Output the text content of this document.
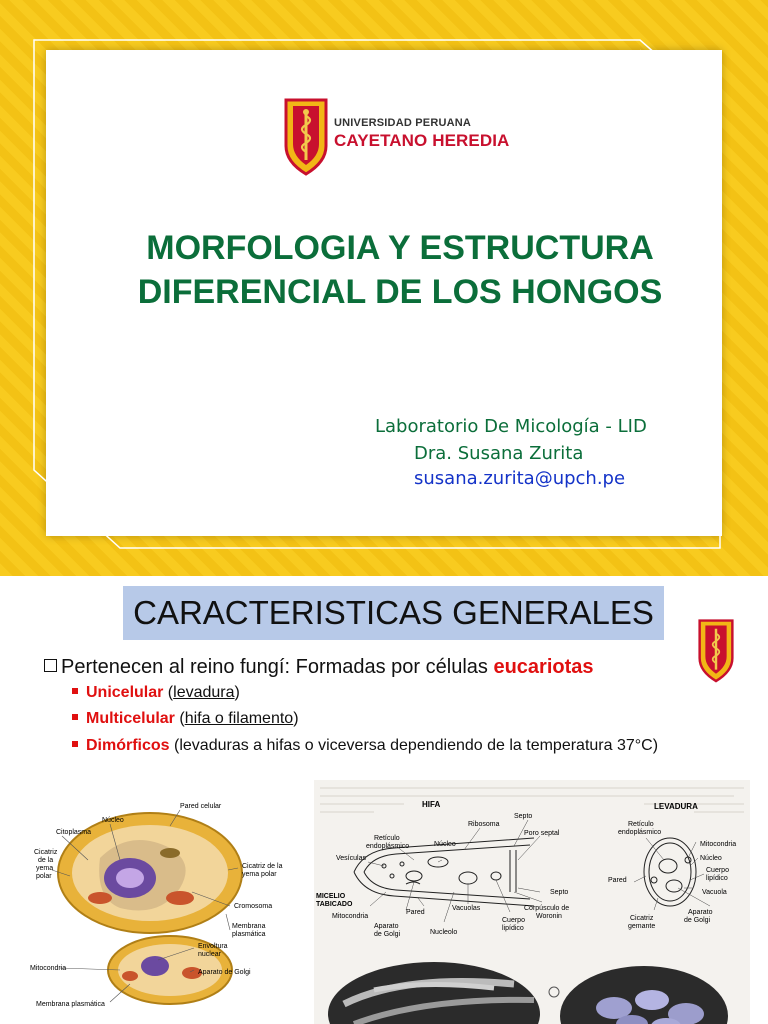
UNIVERSIDAD PERUANA
CAYETANO HEREDIA
MORFOLOGIA Y ESTRUCTURA
DIFERENCIAL DE LOS HONGOS
Laboratorio De Micología - LID
Dra. Susana Zurita
susana.zurita@upch.pe
CARACTERISTICAS GENERALES
Pertenecen al reino fungí: Formadas por células eucariotas
Unicelular (levadura)
Multicelular (hifa o filamento)
Dimórficos (levaduras a hifas o viceversa dependiendo de la temperatura 37°C)
Pared celular
Núcleo
Citoplasma
Cicatriz
de la
yema
polar
Cicatriz de la
yema polar
Cromosoma
Membrana
plasmática
Mitocondria
Envoltura
nuclear
Aparato de Golgi
Membrana plasmática
HIFA	LEVADURA
Retículo
endoplásmico
Ribosoma
Septo
Poro septal
Vesículas
Núcleo
Septo
MICELIO
TABICADO
Mitocondria
Pared
Aparato
de Golgi
Vacuolas
Nucleolo
Corpúsculo de
Woronin
Cuerpo
lipídico
Retículo
endoplásmico
Mitocondria
Pared
Núcleo
Cuerpo
lipídico
Vacuola
Cicatriz
gemante
Aparato
de Golgi
